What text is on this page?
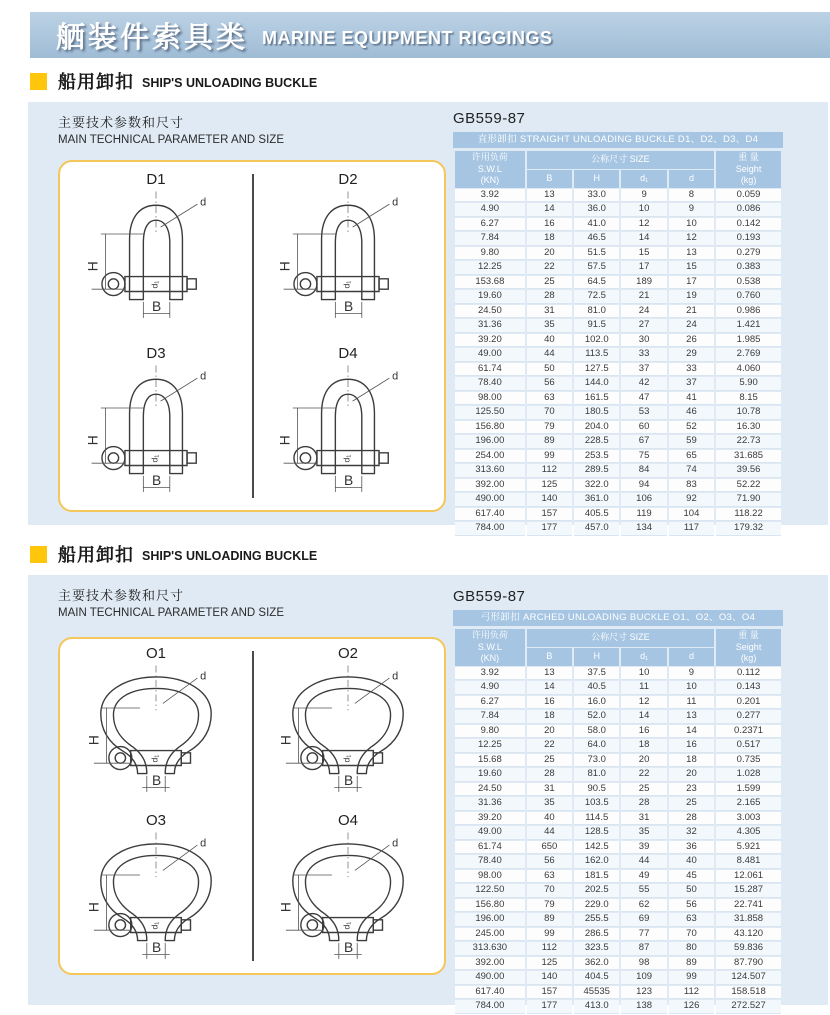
舾装件索具类 MARINE EQUIPMENT RIGGINGS
船用卸扣 SHIP'S UNLOADING BUCKLE
主要技术参数和尺寸
MAIN TECHNICAL PARAMETER AND SIZE
GB559-87
D1	D2
D3	D4
直形卸扣 STRAIGHT UNLOADING BUCKLE D1、D2、D3、D4
许用负荷
S.W.L
(KN)
	公称尺寸 SIZE	重 量
Seight
(kg)

	B	H	d₁	d	
3.92	13	33.0	9	8	0.059
4.90	14	36.0	10	9	0.086
6.27	16	41.0	12	10	0.142
7.84	18	46.5	14	12	0.193
9.80	20	51.5	15	13	0.279
12.25	22	57.5	17	15	0.383
153.68	25	64.5	189	17	0.538
19.60	28	72.5	21	19	0.760
24.50	31	81.0	24	21	0.986
31.36	35	91.5	27	24	1.421
39.20	40	102.0	30	26	1.985
49.00	44	113.5	33	29	2.769
61.74	50	127.5	37	33	4.060
78.40	56	144.0	42	37	5.90
98.00	63	161.5	47	41	8.15
125.50	70	180.5	53	46	10.78
156.80	79	204.0	60	52	16.30
196.00	89	228.5	67	59	22.73
254.00	99	253.5	75	65	31.685
313.60	112	289.5	84	74	39.56
392.00	125	322.0	94	83	52.22
490.00	140	361.0	106	92	71.90
617.40	157	405.5	119	104	118.22
784.00	177	457.0	134	117	179.32
船用卸扣 SHIP'S UNLOADING BUCKLE
主要技术参数和尺寸
MAIN TECHNICAL PARAMETER AND SIZE
GB559-87
O1	O2
O3	O4
弓形卸扣 ARCHED UNLOADING BUCKLE O1、O2、O3、O4
许用负荷
S.W.L
(KN)
	公称尺寸 SIZE	重 量
Seight
(kg)

	B	H	d₁	d	
3.92	13	37.5	10	9	0.112
4.90	14	40.5	11	10	0.143
6.27	16	16.0	12	11	0.201
7.84	18	52.0	14	13	0.277
9.80	20	58.0	16	14	0.2371
12.25	22	64.0	18	16	0.517
15.68	25	73.0	20	18	0.735
19.60	28	81.0	22	20	1.028
24.50	31	90.5	25	23	1.599
31.36	35	103.5	28	25	2.165
39.20	40	114.5	31	28	3.003
49.00	44	128.5	35	32	4.305
61.74	650	142.5	39	36	5.921
78.40	56	162.0	44	40	8.481
98.00	63	181.5	49	45	12.061
122.50	70	202.5	55	50	15.287
156.80	79	229.0	62	56	22.741
196.00	89	255.5	69	63	31.858
245.00	99	286.5	77	70	43.120
313.630	112	323.5	87	80	59.836
392.00	125	362.0	98	89	87.790
490.00	140	404.5	109	99	124.507
617.40	157	45535	123	112	158.518
784.00	177	413.0	138	126	272.527
